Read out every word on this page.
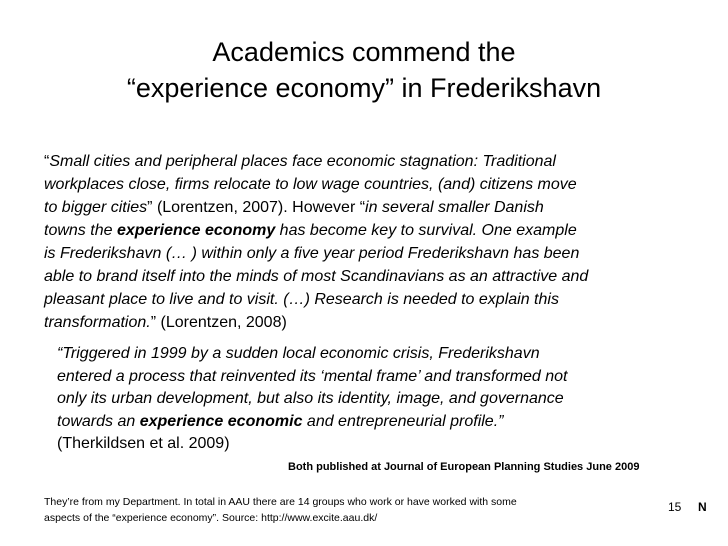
Academics commend the
“experience economy” in Frederikshavn
“Small cities and peripheral places face economic stagnation: Traditional
workplaces close, firms relocate to low wage countries, (and) citizens move
to bigger cities” (Lorentzen, 2007). However “in several smaller Danish
towns the experience economy has become key to survival. One example
is Frederikshavn (… ) within only a five year period Frederikshavn has been
able to brand itself into the minds of most Scandinavians as an attractive and
pleasant place to live and to visit. (…) Research is needed to explain this
transformation.” (Lorentzen, 2008)
“Triggered in 1999 by a sudden local economic crisis, Frederikshavn
entered a process that reinvented its ‘mental frame’ and transformed not
only its urban development, but also its identity, image, and governance
towards an experience economic and entrepreneurial profile.”
(Therkildsen et al. 2009)
Both published at Journal of European Planning Studies June 2009
They’re from my Department. In total in AAU there are 14 groups who work or have worked with some
aspects of the “experience economy”. Source: http://www.excite.aau.dk/
15 N
